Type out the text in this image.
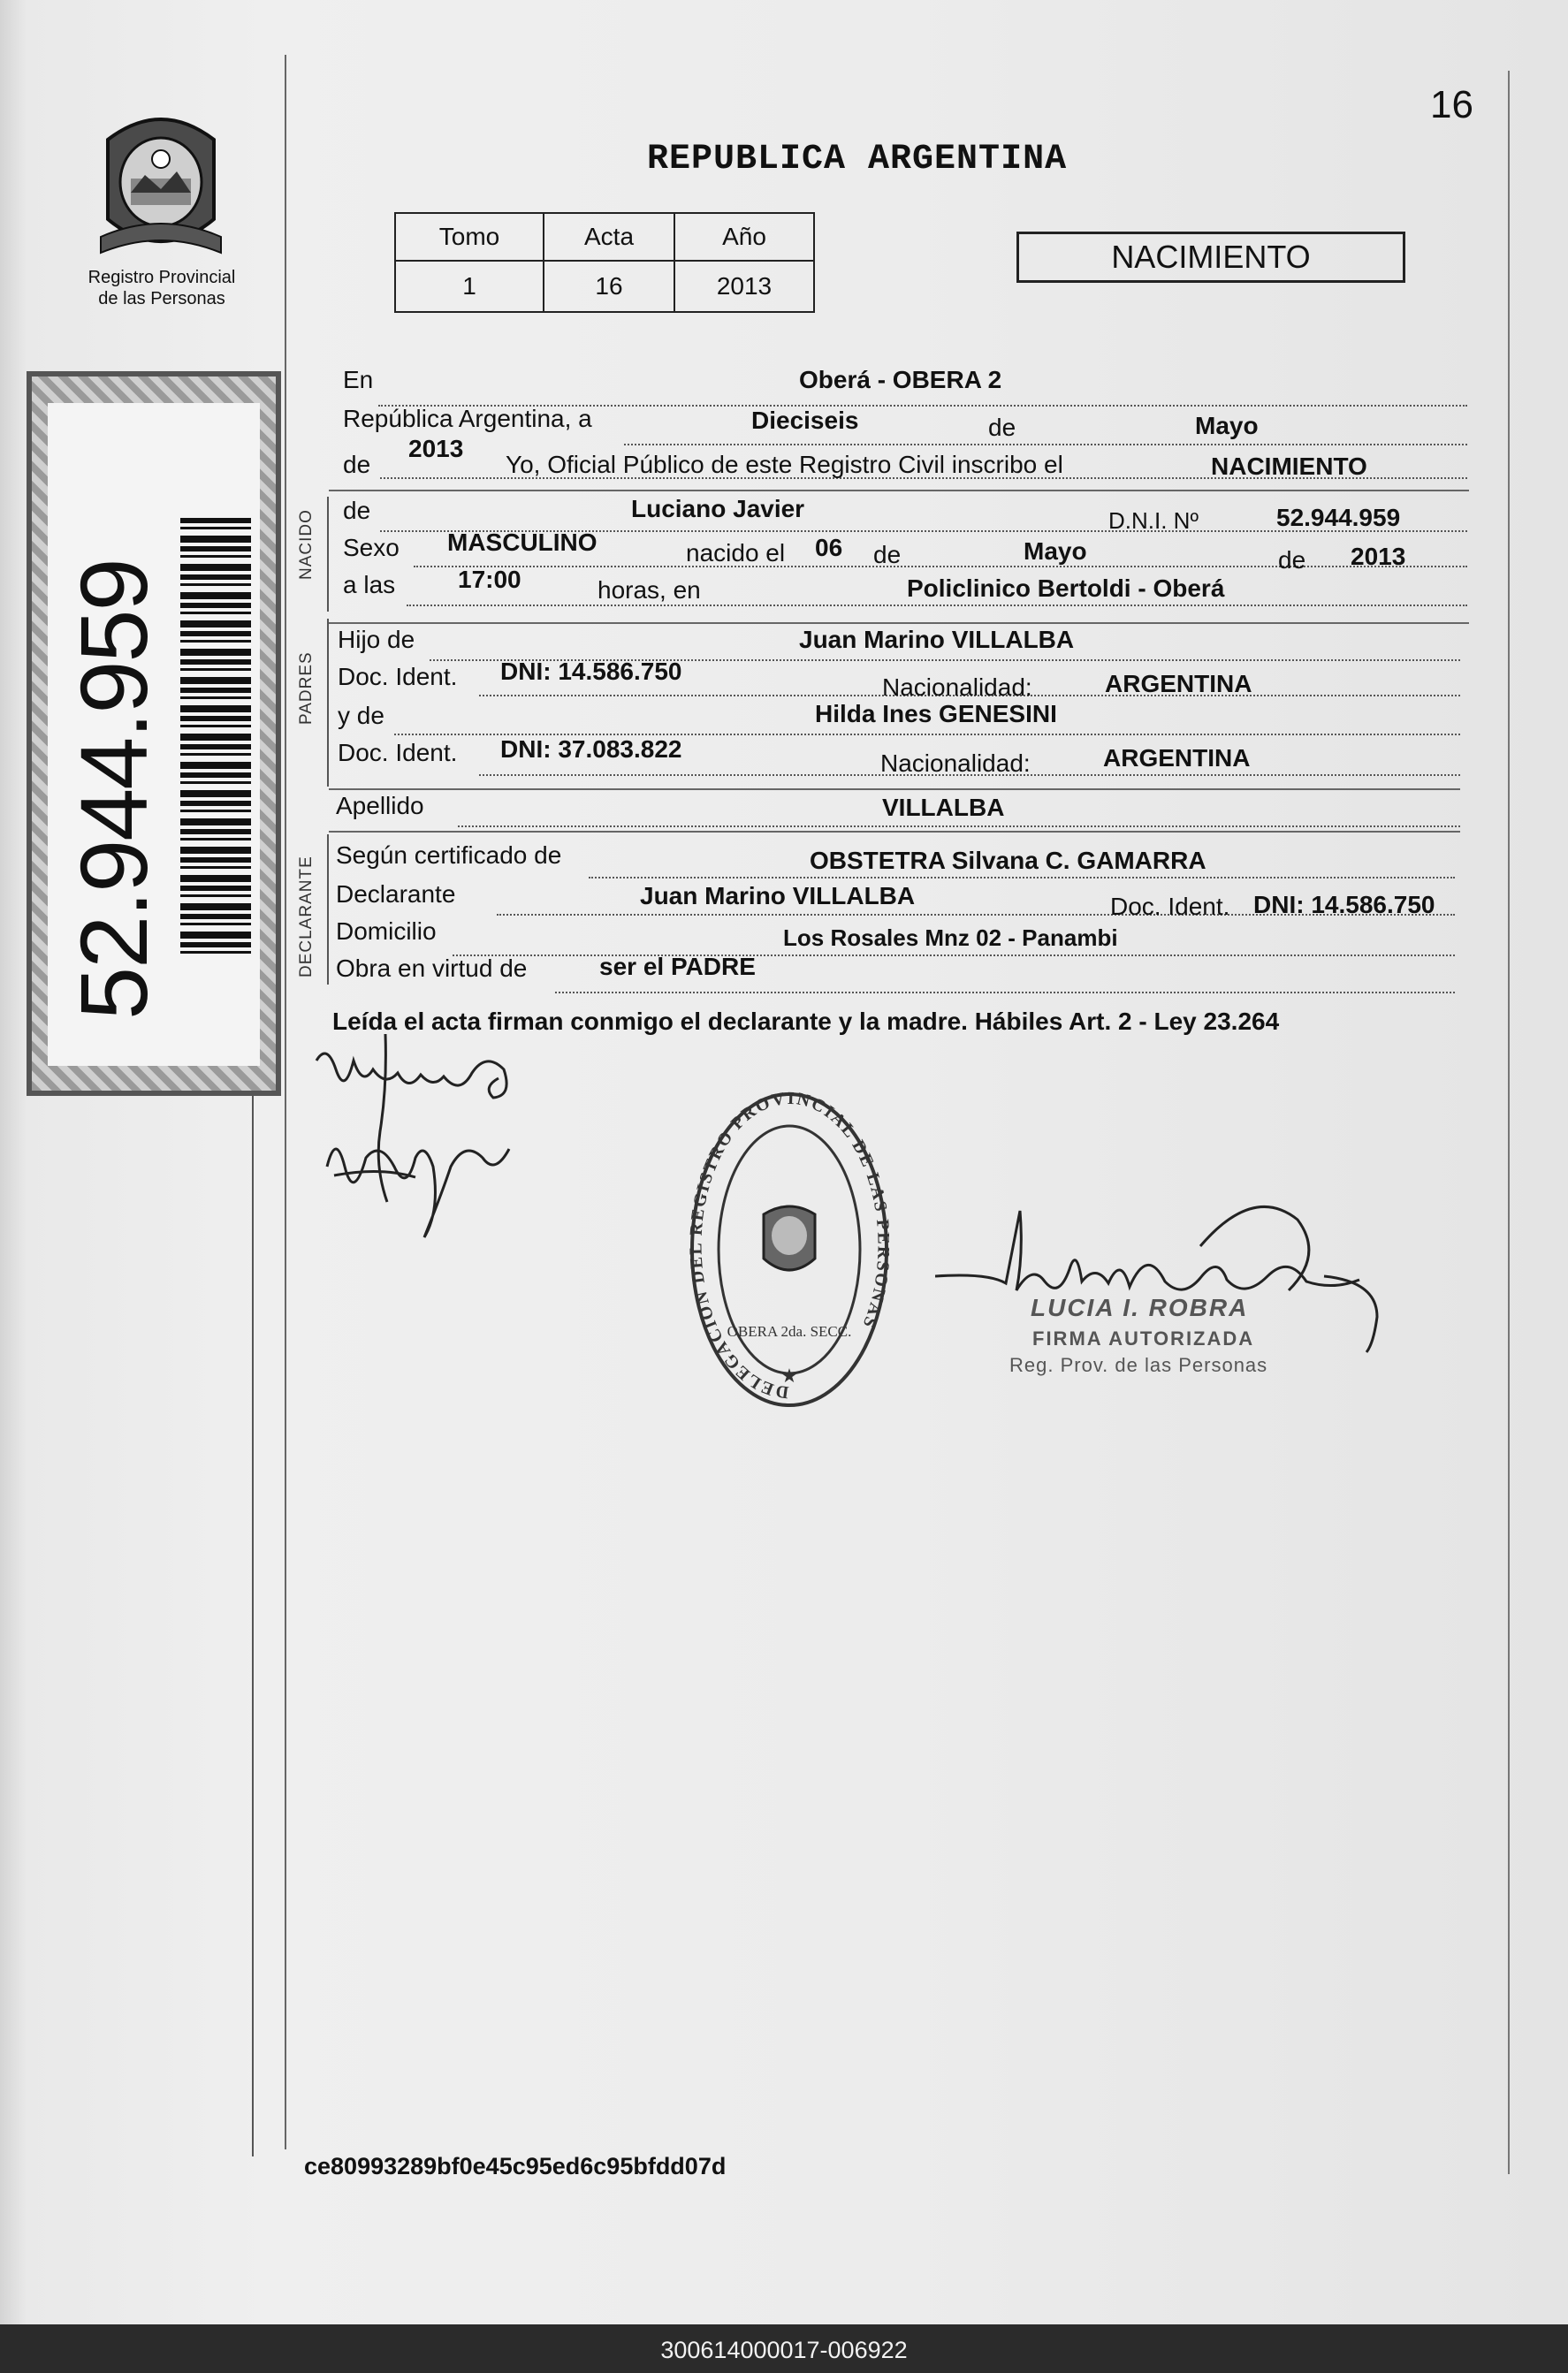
16
Registro Provincial
de las Personas
52.944.959
REPUBLICA ARGENTINA
Tomo	Acta	Año
1	16	2013
NACIMIENTO
NACIDO
PADRES
DECLARANTE
En	Oberá - OBERA 2
República Argentina, a	Dieciseis	de	Mayo
de
2013
Yo, Oficial Público de este Registro Civil inscribo el	NACIMIENTO
de	Luciano Javier	D.N.I. Nº	52.944.959
Sexo MASCULINO	nacido el 06 de	Mayo	de 2013
a las	17:00	horas, en	Policlinico Bertoldi - Oberá
Hijo de	Juan Marino VILLALBA
Doc. Ident. DNI: 14.586.750
Nacionalidad:	ARGENTINA
y de	Hilda Ines GENESINI
Doc. Ident. DNI: 37.083.822
Nacionalidad:	ARGENTINA
Apellido	VILLALBA
Según certificado de	OBSTETRA Silvana C. GAMARRA
Declarante	Juan Marino VILLALBA	Doc. Ident. DNI: 14.586.750
Domicilio	Los Rosales Mnz 02 - Panambi
Obra en virtud de	ser el PADRE
Leída el acta firman conmigo el declarante y la madre. Hábiles Art. 2 - Ley 23.264
DELEGACION D EGISTRO PROVINCIAL DE LAS NAS
OBERA 2da. SECC.
★
LUCIA I. ROBRA
FIRMA AUTORIZADA
Reg. Prov. de las Personas
ce80993289bf0e45c95ed6c95bfdd07d
300614000017-006922
